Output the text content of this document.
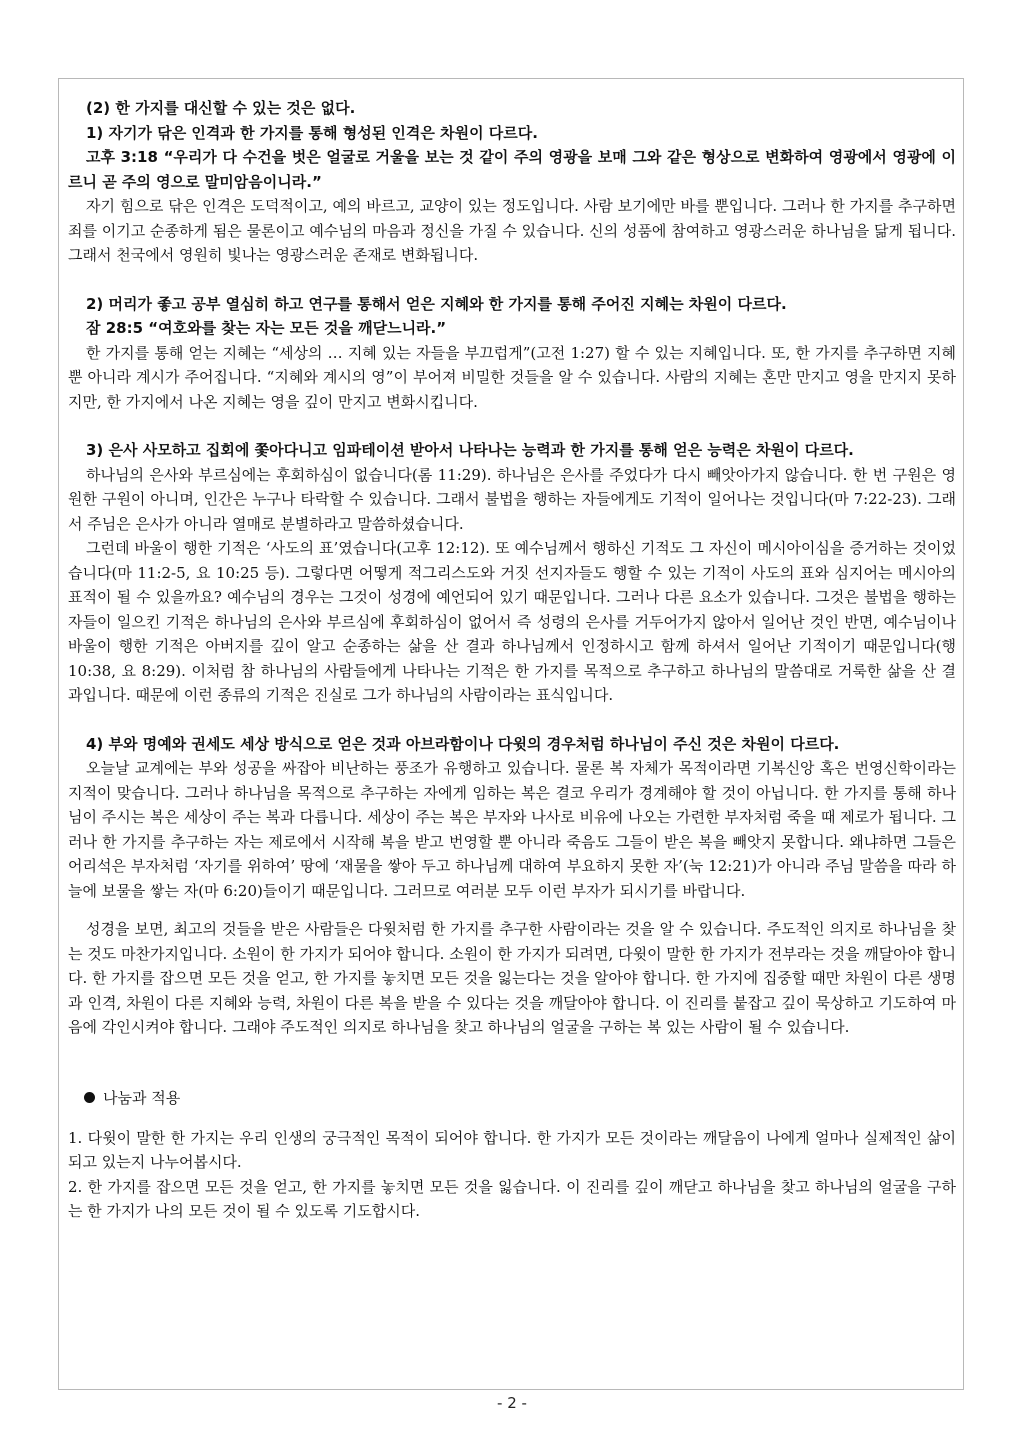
(2) 한 가지를 대신할 수 있는 것은 없다.

1) 자기가 닦은 인격과 한 가지를 통해 형성된 인격은 차원이 다르다.

고후 3:18 “우리가 다 수건을 벗은 얼굴로 거울을 보는 것 같이 주의 영광을 보매 그와 같은 형상으로 변화하여 영광에서 영광에 이르니 곧 주의 영으로 말미암음이니라.”

자기 힘으로 닦은 인격은 도덕적이고, 예의 바르고, 교양이 있는 정도입니다. 사람 보기에만 바를 뿐입니다. 그러나 한 가지를 추구하면 죄를 이기고 순종하게 됨은 물론이고 예수님의 마음과 정신을 가질 수 있습니다. 신의 성품에 참여하고 영광스러운 하나님을 닮게 됩니다. 그래서 천국에서 영원히 빛나는 영광스러운 존재로 변화됩니다.

2) 머리가 좋고 공부 열심히 하고 연구를 통해서 얻은 지혜와 한 가지를 통해 주어진 지혜는 차원이 다르다.

잠 28:5 “여호와를 찾는 자는 모든 것을 깨닫느니라.”

한 가지를 통해 얻는 지혜는 “세상의 … 지혜 있는 자들을 부끄럽게”(고전 1:27) 할 수 있는 지혜입니다. 또, 한 가지를 추구하면 지혜뿐 아니라 계시가 주어집니다. “지혜와 계시의 영”이 부어져 비밀한 것들을 알 수 있습니다. 사람의 지혜는 혼만 만지고 영을 만지지 못하지만, 한 가지에서 나온 지혜는 영을 깊이 만지고 변화시킵니다.

3) 은사 사모하고 집회에 쫓아다니고 임파테이션 받아서 나타나는 능력과 한 가지를 통해 얻은 능력은 차원이 다르다.

하나님의 은사와 부르심에는 후회하심이 없습니다(롬 11:29). 하나님은 은사를 주었다가 다시 빼앗아가지 않습니다. 한 번 구원은 영원한 구원이 아니며, 인간은 누구나 타락할 수 있습니다. 그래서 불법을 행하는 자들에게도 기적이 일어나는 것입니다(마 7:22-23). 그래서 주님은 은사가 아니라 열매로 분별하라고 말씀하셨습니다.

그런데 바울이 행한 기적은 ‘사도의 표’였습니다(고후 12:12). 또 예수님께서 행하신 기적도 그 자신이 메시아이심을 증거하는 것이었습니다(마 11:2-5, 요 10:25 등). 그렇다면 어떻게 적그리스도와 거짓 선지자들도 행할 수 있는 기적이 사도의 표와 심지어는 메시아의 표적이 될 수 있을까요? 예수님의 경우는 그것이 성경에 예언되어 있기 때문입니다. 그러나 다른 요소가 있습니다. 그것은 불법을 행하는 자들이 일으킨 기적은 하나님의 은사와 부르심에 후회하심이 없어서 즉 성령의 은사를 거두어가지 않아서 일어난 것인 반면, 예수님이나 바울이 행한 기적은 아버지를 깊이 알고 순종하는 삶을 산 결과 하나님께서 인정하시고 함께 하셔서 일어난 기적이기 때문입니다(행 10:38, 요 8:29). 이처럼 참 하나님의 사람들에게 나타나는 기적은 한 가지를 목적으로 추구하고 하나님의 말씀대로 거룩한 삶을 산 결과입니다. 때문에 이런 종류의 기적은 진실로 그가 하나님의 사람이라는 표식입니다.

4) 부와 명예와 권세도 세상 방식으로 얻은 것과 아브라함이나 다윗의 경우처럼 하나님이 주신 것은 차원이 다르다.

오늘날 교계에는 부와 성공을 싸잡아 비난하는 풍조가 유행하고 있습니다. 물론 복 자체가 목적이라면 기복신앙 혹은 번영신학이라는 지적이 맞습니다. 그러나 하나님을 목적으로 추구하는 자에게 임하는 복은 결코 우리가 경계해야 할 것이 아닙니다. 한 가지를 통해 하나님이 주시는 복은 세상이 주는 복과 다릅니다. 세상이 주는 복은 부자와 나사로 비유에 나오는 가련한 부자처럼 죽을 때 제로가 됩니다. 그러나 한 가지를 추구하는 자는 제로에서 시작해 복을 받고 번영할 뿐 아니라 죽음도 그들이 받은 복을 빼앗지 못합니다. 왜냐하면 그들은 어리석은 부자처럼 ‘자기를 위하여’ 땅에 ‘재물을 쌓아 두고 하나님께 대하여 부요하지 못한 자’(눅 12:21)가 아니라 주님 말씀을 따라 하늘에 보물을 쌓는 자(마 6:20)들이기 때문입니다. 그러므로 여러분 모두 이런 부자가 되시기를 바랍니다.

성경을 보면, 최고의 것들을 받은 사람들은 다윗처럼 한 가지를 추구한 사람이라는 것을 알 수 있습니다. 주도적인 의지로 하나님을 찾는 것도 마찬가지입니다. 소원이 한 가지가 되어야 합니다. 소원이 한 가지가 되려면, 다윗이 말한 한 가지가 전부라는 것을 깨달아야 합니다. 한 가지를 잡으면 모든 것을 얻고, 한 가지를 놓치면 모든 것을 잃는다는 것을 알아야 합니다. 한 가지에 집중할 때만 차원이 다른 생명과 인격, 차원이 다른 지혜와 능력, 차원이 다른 복을 받을 수 있다는 것을 깨달아야 합니다. 이 진리를 붙잡고 깊이 묵상하고 기도하여 마음에 각인시켜야 합니다. 그래야 주도적인 의지로 하나님을 찾고 하나님의 얼굴을 구하는 복 있는 사람이 될 수 있습니다.

나눔과 적용

1. 다윗이 말한 한 가지는 우리 인생의 궁극적인 목적이 되어야 합니다. 한 가지가 모든 것이라는 깨달음이 나에게 얼마나 실제적인 삶이 되고 있는지 나누어봅시다.

2. 한 가지를 잡으면 모든 것을 얻고, 한 가지를 놓치면 모든 것을 잃습니다. 이 진리를 깊이 깨닫고 하나님을 찾고 하나님의 얼굴을 구하는 한 가지가 나의 모든 것이 될 수 있도록 기도합시다.

- 2 -
